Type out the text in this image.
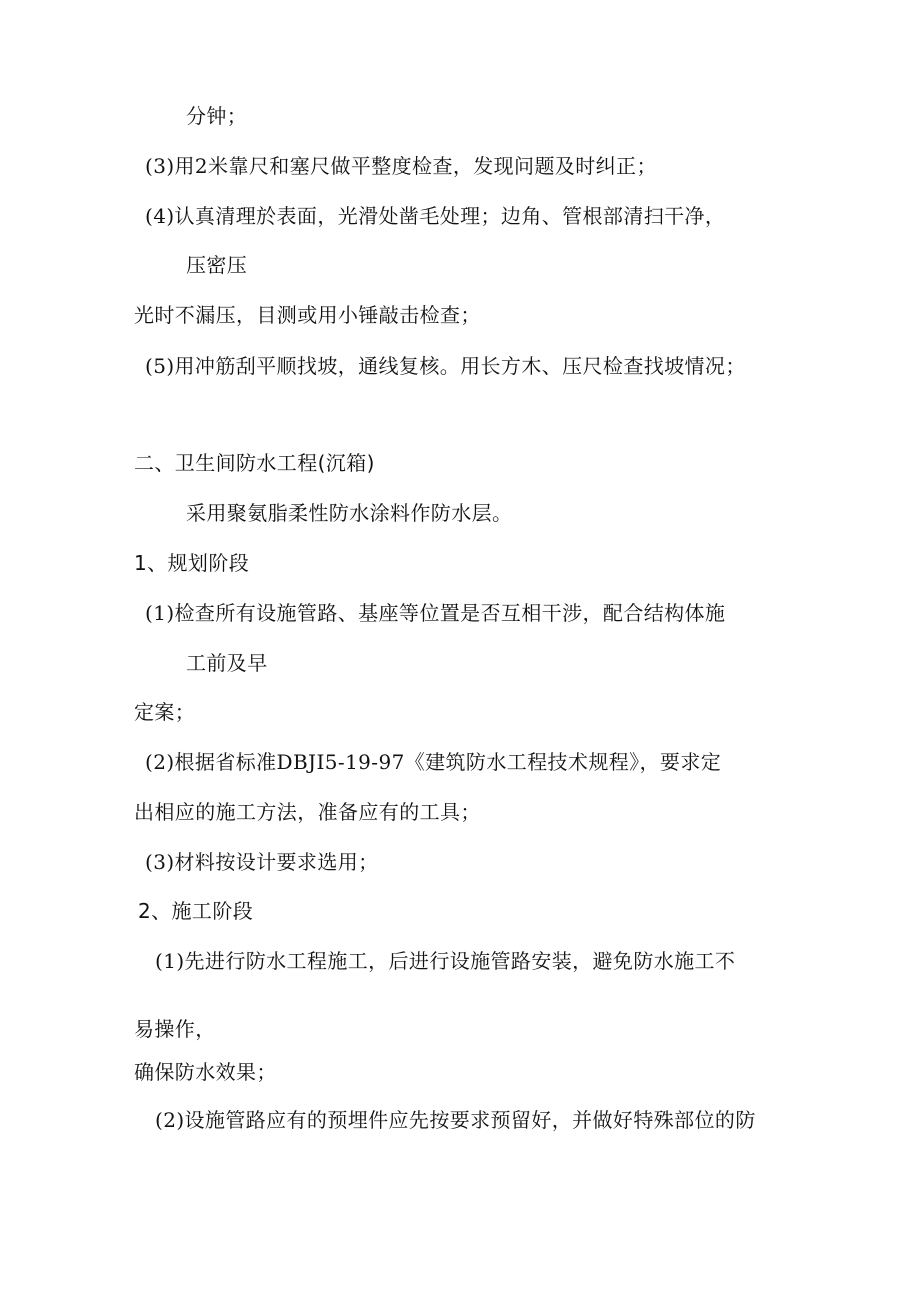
分钟；
(3)用2米靠尺和塞尺做平整度检查，发现问题及时纠正；
(4)认真清理於表面，光滑处凿毛处理；边角、管根部清扫干净，
压密压
光时不漏压，目测或用小锤敲击检查；
(5)用冲筋刮平顺找坡，通线复核。用长方木、压尺检查找坡情况；
二、卫生间防水工程(沉箱)
采用聚氨脂柔性防水涂料作防水层。
1、规划阶段
(1)检查所有设施管路、基座等位置是否互相干涉，配合结构体施
工前及早
定案；
(2)根据省标准DBJI5-19-97《建筑防水工程技术规程》，要求定
出相应的施工方法，准备应有的工具；
(3)材料按设计要求选用；
2、施工阶段
(1)先进行防水工程施工，后进行设施管路安装，避免防水施工不
易操作，
确保防水效果；
(2)设施管路应有的预埋件应先按要求预留好，并做好特殊部位的防
